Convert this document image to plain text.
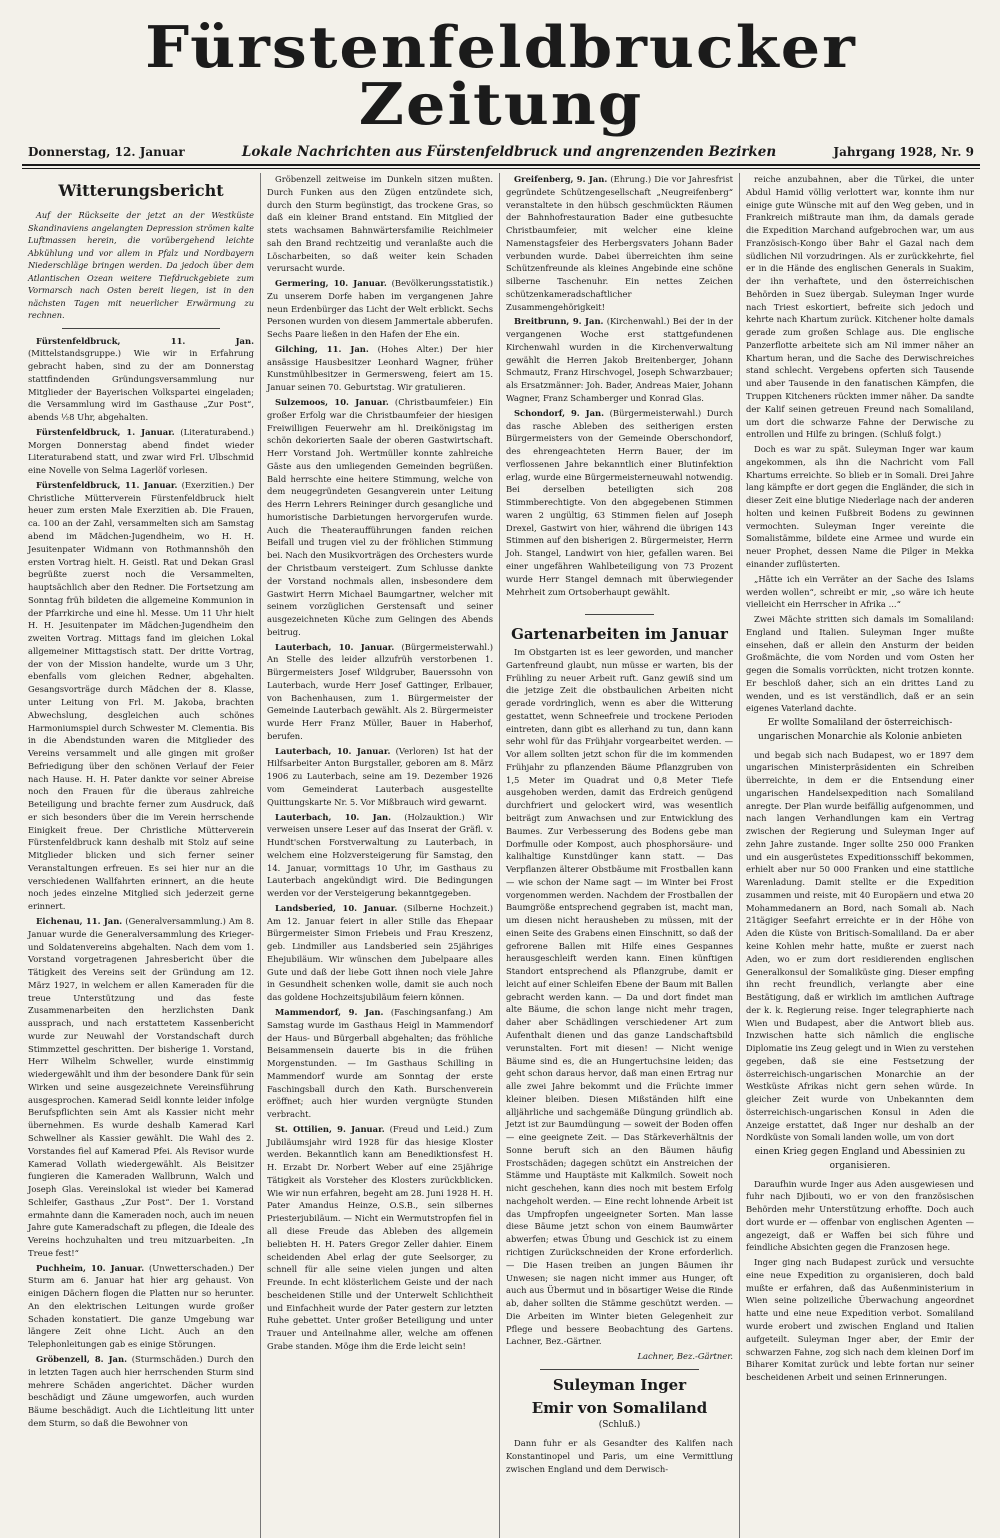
Fürstenfeldbrucker Zeitung
Donnerstag, 12. Januar	Lokale Nachrichten aus Fürstenfeldbruck und angrenzenden Bezirken	Jahrgang 1928, Nr. 9
Witterungsbericht

Auf der Rückseite der jetzt an der Westküste Skandinaviens angelangten Depression strömen kalte Luftmassen herein, die vorübergehend leichte Abkühlung und vor allem in Pfalz und Nordbayern Niederschläge bringen werden. Da jedoch über dem Atlantischen Ozean weitere Tiefdruckgebiete zum Vormarsch nach Osten bereit liegen, ist in den nächsten Tagen mit neuerlicher Erwärmung zu rechnen.

Fürstenfeldbruck, 11. Jan. (Mittelstandsgruppe.) Wie wir in Erfahrung gebracht haben, sind zu der am Donnerstag stattfindenden Gründungsversammlung nur Mitglieder der Bayerischen Volkspartei eingeladen; die Versammlung wird im Gasthause „Zur Post“, abends ½8 Uhr, abgehalten.

Fürstenfeldbruck, 1. Januar. (Literaturabend.) Morgen Donnerstag abend findet wieder Literaturabend statt, und zwar wird Frl. Ulbschmid eine Novelle von Selma Lagerlöf vorlesen.

Fürstenfeldbruck, 11. Januar. (Exerzitien.) Der Christliche Mütterverein Fürstenfeldbruck hielt heuer zum ersten Male Exerzitien ab. Die Frauen, ca. 100 an der Zahl, versammelten sich am Samstag abend im Mädchen-Jugendheim, wo H. H. Jesuitenpater Widmann von Rothmannshöh den ersten Vortrag hielt. H. Geistl. Rat und Dekan Grasl begrüßte zuerst noch die Versammelten, hauptsächlich aber den Redner. Die Fortsetzung am Sonntag früh bildeten die allgemeine Kommunion in der Pfarrkirche und eine hl. Messe. Um 11 Uhr hielt H. H. Jesuitenpater im Mädchen-Jugendheim den zweiten Vortrag. Mittags fand im gleichen Lokal allgemeiner Mittagstisch statt. Der dritte Vortrag, der von der Mission handelte, wurde um 3 Uhr, ebenfalls vom gleichen Redner, abgehalten. Gesangsvorträge durch Mädchen der 8. Klasse, unter Leitung von Frl. M. Jakoba, brachten Abwechslung, desgleichen auch schönes Harmoniumspiel durch Schwester M. Clementia. Bis in die Abendstunden waren die Mitglieder des Vereins versammelt und alle gingen mit großer Befriedigung über den schönen Verlauf der Feier nach Hause. H. H. Pater dankte vor seiner Abreise noch den Frauen für die überaus zahlreiche Beteiligung und brachte ferner zum Ausdruck, daß er sich besonders über die im Verein herrschende Einigkeit freue. Der Christliche Mütterverein Fürstenfeldbruck kann deshalb mit Stolz auf seine Mitglieder blicken und sich ferner seiner Veranstaltungen erfreuen. Es sei hier nur an die verschiedenen Wallfahrten erinnert, an die heute noch jedes einzelne Mitglied sich jederzeit gerne erinnert.

Eichenau, 11. Jan. (Generalversammlung.) Am 8. Januar wurde die Generalversammlung des Krieger- und Soldatenvereins abgehalten. Nach dem vom 1. Vorstand vorgetragenen Jahresbericht über die Tätigkeit des Vereins seit der Gründung am 12. März 1927, in welchem er allen Kameraden für die treue Unterstützung und das feste Zusammenarbeiten den herzlichsten Dank aussprach, und nach erstattetem Kassenbericht wurde zur Neuwahl der Vorstandschaft durch Stimmzettel geschritten. Der bisherige 1. Vorstand, Herr Wilhelm Schweller, wurde einstimmig wiedergewählt und ihm der besondere Dank für sein Wirken und seine ausgezeichnete Vereinsführung ausgesprochen. Kamerad Seidl konnte leider infolge Berufspflichten sein Amt als Kassier nicht mehr übernehmen. Es wurde deshalb Kamerad Karl Schwellner als Kassier gewählt. Die Wahl des 2. Vorstandes fiel auf Kamerad Pfei. Als Revisor wurde Kamerad Vollath wiedergewählt. Als Beisitzer fungieren die Kameraden Wallbrunn, Walch und Joseph Glas. Vereinslokal ist wieder bei Kamerad Schleifer, Gasthaus „Zur Post“. Der 1. Vorstand ermahnte dann die Kameraden noch, auch im neuen Jahre gute Kameradschaft zu pflegen, die Ideale des Vereins hochzuhalten und treu mitzuarbeiten. „In Treue fest!“

Puchheim, 10. Januar. (Unwetterschaden.) Der Sturm am 6. Januar hat hier arg gehaust. Von einigen Dächern flogen die Platten nur so herunter. An den elektrischen Leitungen wurde großer Schaden konstatiert. Die ganze Umgebung war längere Zeit ohne Licht. Auch an den Telephonleitungen gab es einige Störungen.

Gröbenzell, 8. Jan. (Sturmschäden.) Durch den in letzten Tagen auch hier herrschenden Sturm sind mehrere Schäden angerichtet. Dächer wurden beschädigt und Zäune umgeworfen, auch wurden Bäume beschädigt. Auch die Lichtleitung litt unter dem Sturm, so daß die Bewohner von

Gröbenzell zeitweise im Dunkeln sitzen mußten. Durch Funken aus den Zügen entzündete sich, durch den Sturm begünstigt, das trockene Gras, so daß ein kleiner Brand entstand. Ein Mitglied der stets wachsamen Bahnwärtersfamilie Reichlmeier sah den Brand rechtzeitig und veranlaßte auch die Löscharbeiten, so daß weiter kein Schaden verursacht wurde.

Germering, 10. Januar. (Bevölkerungsstatistik.) Zu unserem Dorfe haben im vergangenen Jahre neun Erdenbürger das Licht der Welt erblickt. Sechs Personen wurden von diesem Jammertale abberufen. Sechs Paare ließen in den Hafen der Ehe ein.

Gilching, 11. Jan. (Hohes Alter.) Der hier ansässige Hausbesitzer Leonhard Wagner, früher Kunstmühlbesitzer in Germersweng, feiert am 15. Januar seinen 70. Geburtstag. Wir gratulieren.

Sulzemoos, 10. Januar. (Christbaumfeier.) Ein großer Erfolg war die Christbaumfeier der hiesigen Freiwilligen Feuerwehr am hl. Dreikönigstag im schön dekorierten Saale der oberen Gastwirtschaft. Herr Vorstand Joh. Wertmüller konnte zahlreiche Gäste aus den umliegenden Gemeinden begrüßen. Bald herrschte eine heitere Stimmung, welche von dem neugegründeten Gesangverein unter Leitung des Herrn Lehrers Reininger durch gesangliche und humoristische Darbietungen hervorgerufen wurde. Auch die Theateraufführungen fanden reichen Beifall und trugen viel zu der fröhlichen Stimmung bei. Nach den Musikvorträgen des Orchesters wurde der Christbaum versteigert. Zum Schlusse dankte der Vorstand nochmals allen, insbesondere dem Gastwirt Herrn Michael Baumgartner, welcher mit seinem vorzüglichen Gerstensaft und seiner ausgezeichneten Küche zum Gelingen des Abends beitrug.

Lauterbach, 10. Januar. (Bürgermeisterwahl.) An Stelle des leider allzufrüh verstorbenen 1. Bürgermeisters Josef Wildgruber, Bauerssohn von Lauterbach, wurde Herr Josef Gattinger, Erlbauer, von Bachenhausen, zum 1. Bürgermeister der Gemeinde Lauterbach gewählt. Als 2. Bürgermeister wurde Herr Franz Müller, Bauer in Haberhof, berufen.

Lauterbach, 10. Januar. (Verloren) Ist hat der Hilfsarbeiter Anton Burgstaller, geboren am 8. März 1906 zu Lauterbach, seine am 19. Dezember 1926 vom Gemeinderat Lauterbach ausgestellte Quittungskarte Nr. 5. Vor Mißbrauch wird gewarnt.

Lauterbach, 10. Jan. (Holzauktion.) Wir verweisen unsere Leser auf das Inserat der Gräfl. v. Hundt'schen Forstverwaltung zu Lauterbach, in welchem eine Holzversteigerung für Samstag, den 14. Januar, vormittags 10 Uhr, im Gasthaus zu Lauterbach angekündigt wird. Die Bedingungen werden vor der Versteigerung bekanntgegeben.

Landsberied, 10. Januar. (Silberne Hochzeit.) Am 12. Januar feiert in aller Stille das Ehepaar Bürgermeister Simon Friebeis und Frau Kreszenz, geb. Lindmiller aus Landsberied sein 25jähriges Ehejubiläum. Wir wünschen dem Jubelpaare alles Gute und daß der liebe Gott ihnen noch viele Jahre in Gesundheit schenken wolle, damit sie auch noch das goldene Hochzeitsjubiläum feiern können.

Mammendorf, 9. Jan. (Faschingsanfang.) Am Samstag wurde im Gasthaus Heigl in Mammendorf der Haus- und Bürgerball abgehalten; das fröhliche Beisammensein dauerte bis in die frühen Morgenstunden. — Im Gasthaus Schilling in Mammendorf wurde am Sonntag der erste Faschingsball durch den Kath. Burschenverein eröffnet; auch hier wurden vergnügte Stunden verbracht.

St. Ottilien, 9. Januar. (Freud und Leid.) Zum Jubiläumsjahr wird 1928 für das hiesige Kloster werden. Bekanntlich kann am Benediktionsfest H. H. Erzabt Dr. Norbert Weber auf eine 25jährige Tätigkeit als Vorsteher des Klosters zurückblicken. Wie wir nun erfahren, begeht am 28. Juni 1928 H. H. Pater Amandus Heinze, O.S.B., sein silbernes Priesterjubiläum. — Nicht ein Wermutstropfen fiel in all diese Freude das Ableben des allgemein beliebten H. H. Paters Gregor Zeller dahier. Einem scheidenden Abel erlag der gute Seelsorger, zu schnell für alle seine vielen jungen und alten Freunde. In echt klösterlichem Geiste und der nach bescheidenen Stille und der Unterwelt Schlichtheit und Einfachheit wurde der Pater gestern zur letzten Ruhe gebettet. Unter großer Beteiligung und unter Trauer und Anteilnahme aller, welche am offenen Grabe standen. Möge ihm die Erde leicht sein!

Greifenberg, 9. Jan. (Ehrung.) Die vor Jahresfrist gegründete Schützengesellschaft „Neugreifenberg“ veranstaltete in den hübsch geschmückten Räumen der Bahnhofrestauration Bader eine gutbesuchte Christbaumfeier, mit welcher eine kleine Namenstagsfeier des Herbergsvaters Johann Bader verbunden wurde. Dabei überreichten ihm seine Schützenfreunde als kleines Angebinde eine schöne silberne Taschenuhr. Ein nettes Zeichen schützenkameradschaftlicher Zusammengehörigkeit!

Breitbrunn, 9. Jan. (Kirchenwahl.) Bei der in der vergangenen Woche erst stattgefundenen Kirchenwahl wurden in die Kirchenverwaltung gewählt die Herren Jakob Breitenberger, Johann Schmautz, Franz Hirschvogel, Joseph Schwarzbauer; als Ersatzmänner: Joh. Bader, Andreas Maier, Johann Wagner, Franz Schamberger und Konrad Glas.

Schondorf, 9. Jan. (Bürgermeisterwahl.) Durch das rasche Ableben des seitherigen ersten Bürgermeisters von der Gemeinde Oberschondorf, des ehrengeachteten Herrn Bauer, der im verflossenen Jahre bekanntlich einer Blutinfektion erlag, wurde eine Bürgermeisterneuwahl notwendig. Bei derselben beteiligten sich 208 Stimmberechtigte. Von den abgegebenen Stimmen waren 2 ungültig, 63 Stimmen fielen auf Joseph Drexel, Gastwirt von hier, während die übrigen 143 Stimmen auf den bisherigen 2. Bürgermeister, Herrn Joh. Stangel, Landwirt von hier, gefallen waren. Bei einer ungefähren Wahlbeteiligung von 73 Prozent wurde Herr Stangel demnach mit überwiegender Mehrheit zum Ortsoberhaupt gewählt.

Gartenarbeiten im Januar

Im Obstgarten ist es leer geworden, und mancher Gartenfreund glaubt, nun müsse er warten, bis der Frühling zu neuer Arbeit ruft. Ganz gewiß sind um die jetzige Zeit die obstbaulichen Arbeiten nicht gerade vordringlich, wenn es aber die Witterung gestattet, wenn Schneefreie und trockene Perioden eintreten, dann gibt es allerhand zu tun, dann kann sehr wohl für das Frühjahr vorgearbeitet werden. — Vor allem sollten jetzt schon für die im kommenden Frühjahr zu pflanzenden Bäume Pflanzgruben von 1,5 Meter im Quadrat und 0,8 Meter Tiefe ausgehoben werden, damit das Erdreich genügend durchfriert und gelockert wird, was wesentlich beiträgt zum Anwachsen und zur Entwicklung des Baumes. Zur Verbesserung des Bodens gebe man Dorfmulle oder Kompost, auch phosphorsäure- und kalihaltige Kunstdünger kann statt. — Das Verpflanzen älterer Obstbäume mit Frostballen kann — wie schon der Name sagt — im Winter bei Frost vorgenommen werden. Nachdem der Frostballen der Baumgröße entsprechend gegraben ist, macht man, um diesen nicht herausheben zu müssen, mit der einen Seite des Grabens einen Einschnitt, so daß der gefrorene Ballen mit Hilfe eines Gespannes herausgeschleift werden kann. Einen künftigen Standort entsprechend als Pflanzgrube, damit er leicht auf einer Schleifen Ebene der Baum mit Ballen gebracht werden kann. — Da und dort findet man alte Bäume, die schon lange nicht mehr tragen, daher aber Schädlingen verschiedener Art zum Aufenthalt dienen und das ganze Landschaftsbild verunstalten. Fort mit diesen! — Nicht wenige Bäume sind es, die an Hungertuchsine leiden; das geht schon daraus hervor, daß man einen Ertrag nur alle zwei Jahre bekommt und die Früchte immer kleiner bleiben. Diesen Mißständen hilft eine alljährliche und sachgemäße Düngung gründlich ab. Jetzt ist zur Baumdüngung — soweit der Boden offen — eine geeignete Zeit. — Das Stärkeverhältnis der Sonne beruft sich an den Bäumen häufig Frostschäden; dagegen schützt ein Anstreichen der Stämme und Hauptäste mit Kalkmilch. Soweit noch nicht geschehen, kann dies noch mit bestem Erfolg nachgeholt werden. — Eine recht lohnende Arbeit ist das Umpfropfen ungeeigneter Sorten. Man lasse diese Bäume jetzt schon von einem Baumwärter abwerfen; etwas Übung und Geschick ist zu einem richtigen Zurückschneiden der Krone erforderlich. — Die Hasen treiben an jungen Bäumen ihr Unwesen; sie nagen nicht immer aus Hunger, oft auch aus Übermut und in bösartiger Weise die Rinde ab, daher sollten die Stämme geschützt werden. — Die Arbeiten im Winter bieten Gelegenheit zur Pflege und bessere Beobachtung des Gartens. Lachner, Bez.-Gärtner.

Lachner, Bez.-Gärtner.

Suleyman Inger
Emir von Somaliland

(Schluß.)

Dann fuhr er als Gesandter des Kalifen nach Konstantinopel und Paris, um eine Vermittlung zwischen England und dem Derwisch-

reiche anzubahnen, aber die Türkei, die unter Abdul Hamid völlig verlottert war, konnte ihm nur einige gute Wünsche mit auf den Weg geben, und in Frankreich mißtraute man ihm, da damals gerade die Expedition Marchand aufgebrochen war, um aus Französisch-Kongo über Bahr el Gazal nach dem südlichen Nil vorzudringen. Als er zurückkehrte, fiel er in die Hände des englischen Generals in Suakim, der ihn verhaftete, und den österreichischen Behörden in Suez übergab. Suleyman Inger wurde nach Triest eskortiert, befreite sich jedoch und kehrte nach Khartum zurück. Kitchener holte damals gerade zum großen Schlage aus. Die englische Panzerflotte arbeitete sich am Nil immer näher an Khartum heran, und die Sache des Derwischreiches stand schlecht. Vergebens opferten sich Tausende und aber Tausende in den fanatischen Kämpfen, die Truppen Kitcheners rückten immer näher. Da sandte der Kalif seinen getreuen Freund nach Somaliland, um dort die schwarze Fahne der Derwische zu entrollen und Hilfe zu bringen. (Schluß folgt.)

Doch es war zu spät. Suleyman Inger war kaum angekommen, als ihn die Nachricht vom Fall Khartums erreichte. So blieb er in Somali. Drei Jahre lang kämpfte er dort gegen die Engländer, die sich in dieser Zeit eine blutige Niederlage nach der anderen holten und keinen Fußbreit Bodens zu gewinnen vermochten. Suleyman Inger vereinte die Somalistämme, bildete eine Armee und wurde ein neuer Prophet, dessen Name die Pilger in Mekka einander zuflüsterten.

„Hätte ich ein Verräter an der Sache des Islams werden wollen“, schreibt er mir, „so wäre ich heute vielleicht ein Herrscher in Afrika ...“

Zwei Mächte stritten sich damals im Somaliland: England und Italien. Suleyman Inger mußte einsehen, daß er allein den Ansturm der beiden Großmächte, die vom Norden und vom Osten her gegen die Somalis vorrückten, nicht trotzen konnte. Er beschloß daher, sich an ein drittes Land zu wenden, und es ist verständlich, daß er an sein eigenes Vaterland dachte.

Er wollte Somaliland der österreichisch-ungarischen Monarchie als Kolonie anbieten

und begab sich nach Budapest, wo er 1897 dem ungarischen Ministerpräsidenten ein Schreiben überreichte, in dem er die Entsendung einer ungarischen Handelsexpedition nach Somaliland anregte. Der Plan wurde beifällig aufgenommen, und nach langen Verhandlungen kam ein Vertrag zwischen der Regierung und Suleyman Inger auf zehn Jahre zustande. Inger sollte 250 000 Franken und ein ausgerüstetes Expeditionsschiff bekommen, erhielt aber nur 50 000 Franken und eine stattliche Warenladung. Damit stellte er die Expedition zusammen und reiste, mit 40 Europäern und etwa 20 Mohammedanern an Bord, nach Somali ab. Nach 21tägiger Seefahrt erreichte er in der Höhe von Aden die Küste von Britisch-Somaliland. Da er aber keine Kohlen mehr hatte, mußte er zuerst nach Aden, wo er zum dort residierenden englischen Generalkonsul der Somaliküste ging. Dieser empfing ihn recht freundlich, verlangte aber eine Bestätigung, daß er wirklich im amtlichen Auftrage der k. k. Regierung reise. Inger telegraphierte nach Wien und Budapest, aber die Antwort blieb aus. Inzwischen hatte sich nämlich die englische Diplomatie ins Zeug gelegt und in Wien zu verstehen gegeben, daß sie eine Festsetzung der österreichisch-ungarischen Monarchie an der Westküste Afrikas nicht gern sehen würde. In gleicher Zeit wurde von Unbekannten dem österreichisch-ungarischen Konsul in Aden die Anzeige erstattet, daß Inger nur deshalb an der Nordküste von Somali landen wolle, um von dort

einen Krieg gegen England und Abessinien zu organisieren.

Daraufhin wurde Inger aus Aden ausgewiesen und fuhr nach Djibouti, wo er von den französischen Behörden mehr Unterstützung erhoffte. Doch auch dort wurde er — offenbar von englischen Agenten — angezeigt, daß er Waffen bei sich führe und feindliche Absichten gegen die Franzosen hege.

Inger ging nach Budapest zurück und versuchte eine neue Expedition zu organisieren, doch bald mußte er erfahren, daß das Außenministerium in Wien seine polizeiliche Überwachung angeordnet hatte und eine neue Expedition verbot. Somaliland wurde erobert und zwischen England und Italien aufgeteilt. Suleyman Inger aber, der Emir der schwarzen Fahne, zog sich nach dem kleinen Dorf im Biharer Komitat zurück und lebte fortan nur seiner bescheidenen Arbeit und seinen Erinnerungen.
